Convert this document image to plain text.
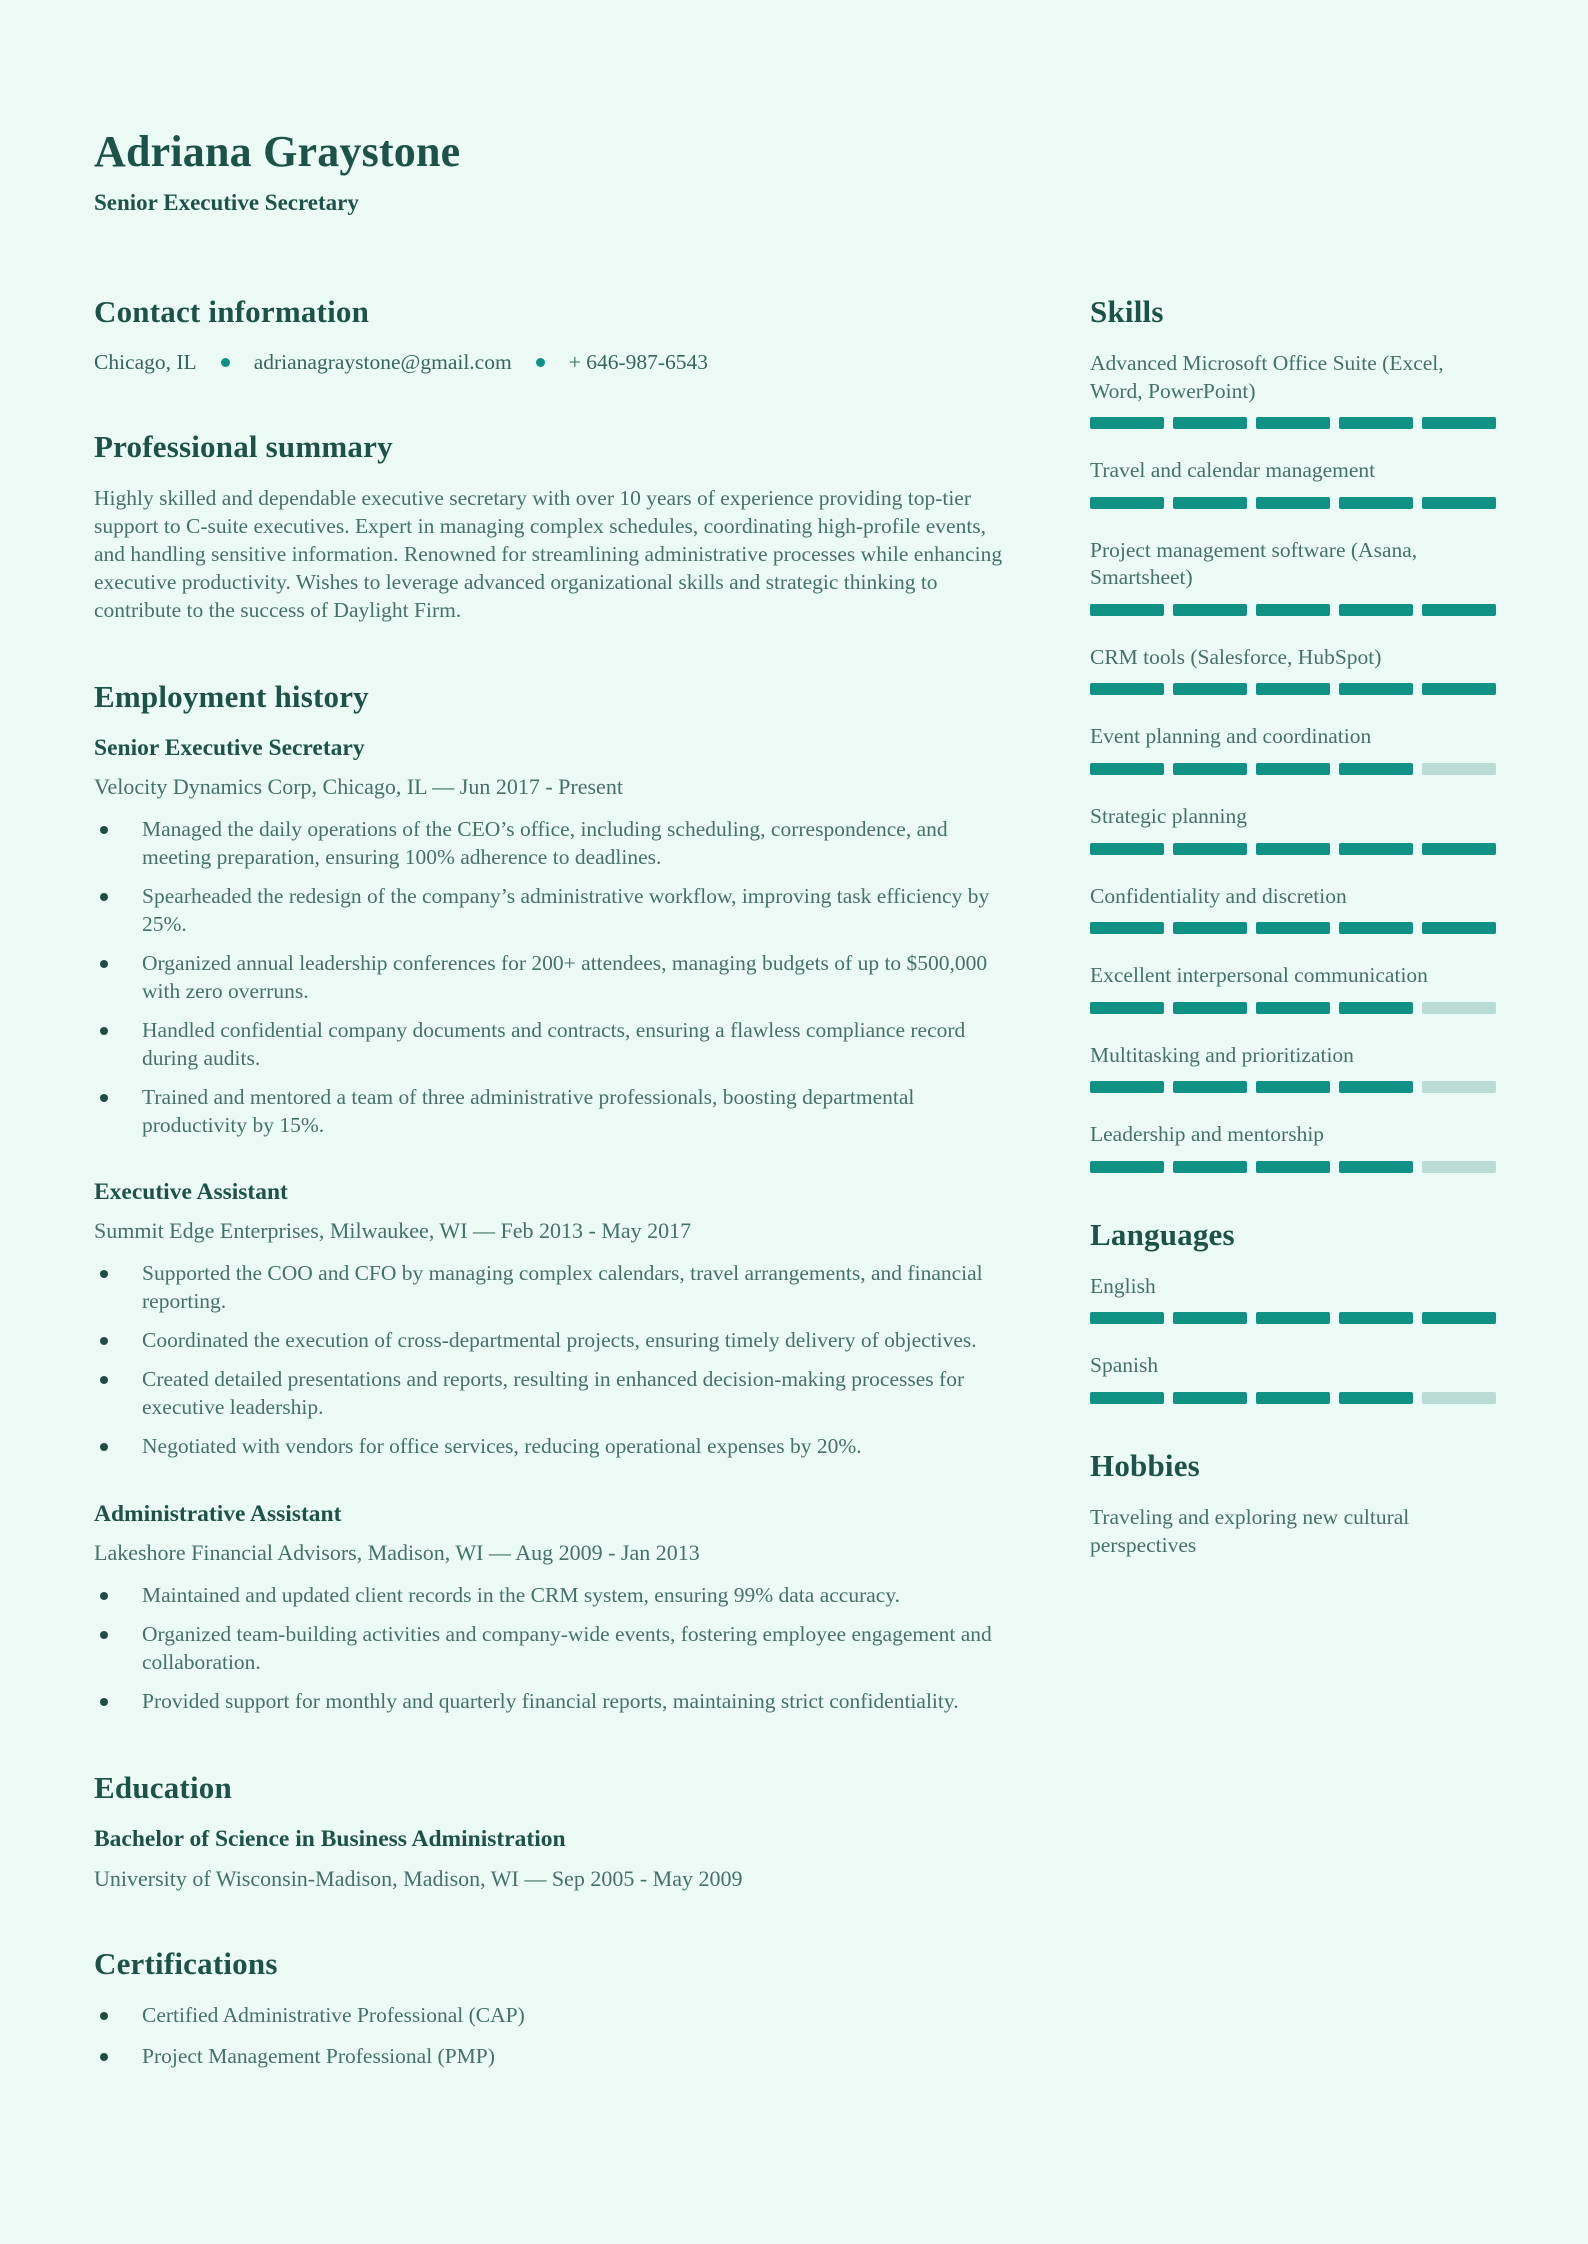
Adriana Graystone
Senior Executive Secretary
Contact information
Chicago, IL	adrianagraystone@gmail.com	+ 646-987-6543
Professional summary

Highly skilled and dependable executive secretary with over 10 years of experience providing top-tier support to C-suite executives. Expert in managing complex schedules, coordinating high-profile events, and handling sensitive information. Renowned for streamlining administrative processes while enhancing executive productivity. Wishes to leverage advanced organizational skills and strategic thinking to contribute to the success of Daylight Firm.

Employment history
Senior Executive Secretary
Velocity Dynamics Corp, Chicago, IL — Jun 2017 - Present
Managed the daily operations of the CEO’s office, including scheduling, correspondence, and meeting preparation, ensuring 100% adherence to deadlines.
Spearheaded the redesign of the company’s administrative workflow, improving task efficiency by 25%.
Organized annual leadership conferences for 200+ attendees, managing budgets of up to $500,000 with zero overruns.
Handled confidential company documents and contracts, ensuring a flawless compliance record during audits.
Trained and mentored a team of three administrative professionals, boosting departmental productivity by 15%.
Executive Assistant
Summit Edge Enterprises, Milwaukee, WI — Feb 2013 - May 2017
Supported the COO and CFO by managing complex calendars, travel arrangements, and financial reporting.
Coordinated the execution of cross-departmental projects, ensuring timely delivery of objectives.
Created detailed presentations and reports, resulting in enhanced decision-making processes for executive leadership.
Negotiated with vendors for office services, reducing operational expenses by 20%.
Administrative Assistant
Lakeshore Financial Advisors, Madison, WI — Aug 2009 - Jan 2013
Maintained and updated client records in the CRM system, ensuring 99% data accuracy.
Organized team-building activities and company-wide events, fostering employee engagement and collaboration.
Provided support for monthly and quarterly financial reports, maintaining strict confidentiality.
Education
Bachelor of Science in Business Administration
University of Wisconsin-Madison, Madison, WI — Sep 2005 - May 2009
Certifications
Certified Administrative Professional (CAP)
Project Management Professional (PMP)
Skills
Advanced Microsoft Office Suite (Excel, Word, PowerPoint)
Travel and calendar management
Project management software (Asana, Smartsheet)
CRM tools (Salesforce, HubSpot)
Event planning and coordination
Strategic planning
Confidentiality and discretion
Excellent interpersonal communication
Multitasking and prioritization
Leadership and mentorship
Languages
English
Spanish
Hobbies

Traveling and exploring new cultural perspectives
